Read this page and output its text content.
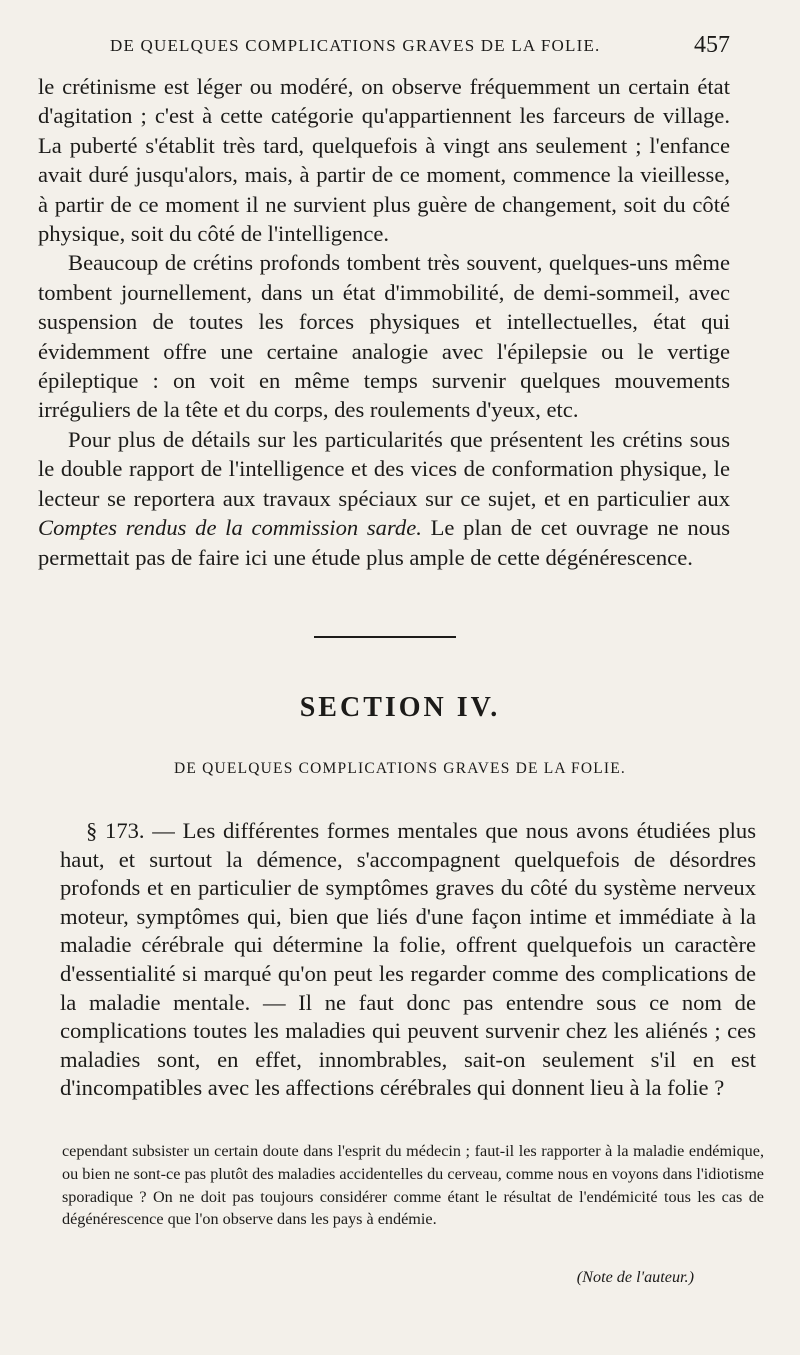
DE QUELQUES COMPLICATIONS GRAVES DE LA FOLIE.	457

le crétinisme est léger ou modéré, on observe fréquemment un certain état d'agitation ; c'est à cette catégorie qu'appartiennent les farceurs de village. La puberté s'établit très tard, quelquefois à vingt ans seulement ; l'enfance avait duré jusqu'alors, mais, à partir de ce moment, commence la vieillesse, à partir de ce moment il ne survient plus guère de changement, soit du côté physique, soit du côté de l'intelligence.

Beaucoup de crétins profonds tombent très souvent, quelques-uns même tombent journellement, dans un état d'immobilité, de demi-sommeil, avec suspension de toutes les forces physiques et intellectuelles, état qui évidemment offre une certaine analogie avec l'épilepsie ou le vertige épileptique : on voit en même temps survenir quelques mouvements irréguliers de la tête et du corps, des roulements d'yeux, etc.

Pour plus de détails sur les particularités que présentent les crétins sous le double rapport de l'intelligence et des vices de conformation physique, le lecteur se reportera aux travaux spéciaux sur ce sujet, et en particulier aux Comptes rendus de la commission sarde. Le plan de cet ouvrage ne nous permettait pas de faire ici une étude plus ample de cette dégénérescence.

SECTION IV.
DE QUELQUES COMPLICATIONS GRAVES DE LA FOLIE.

§ 173. — Les différentes formes mentales que nous avons étudiées plus haut, et surtout la démence, s'accompagnent quelquefois de désordres profonds et en particulier de symptômes graves du côté du système nerveux moteur, symptômes qui, bien que liés d'une façon intime et immédiate à la maladie cérébrale qui détermine la folie, offrent quelquefois un caractère d'essentialité si marqué qu'on peut les regarder comme des complications de la maladie mentale. — Il ne faut donc pas entendre sous ce nom de complications toutes les maladies qui peuvent survenir chez les aliénés ; ces maladies sont, en effet, innombrables, sait-on seulement s'il en est d'incompatibles avec les affections cérébrales qui donnent lieu à la folie ?

cependant subsister un certain doute dans l'esprit du médecin ; faut-il les rapporter à la maladie endémique, ou bien ne sont-ce pas plutôt des maladies accidentelles du cerveau, comme nous en voyons dans l'idiotisme sporadique ? On ne doit pas toujours considérer comme étant le résultat de l'endémicité tous les cas de dégénérescence que l'on observe dans les pays à endémie.

(Note de l'auteur.)
